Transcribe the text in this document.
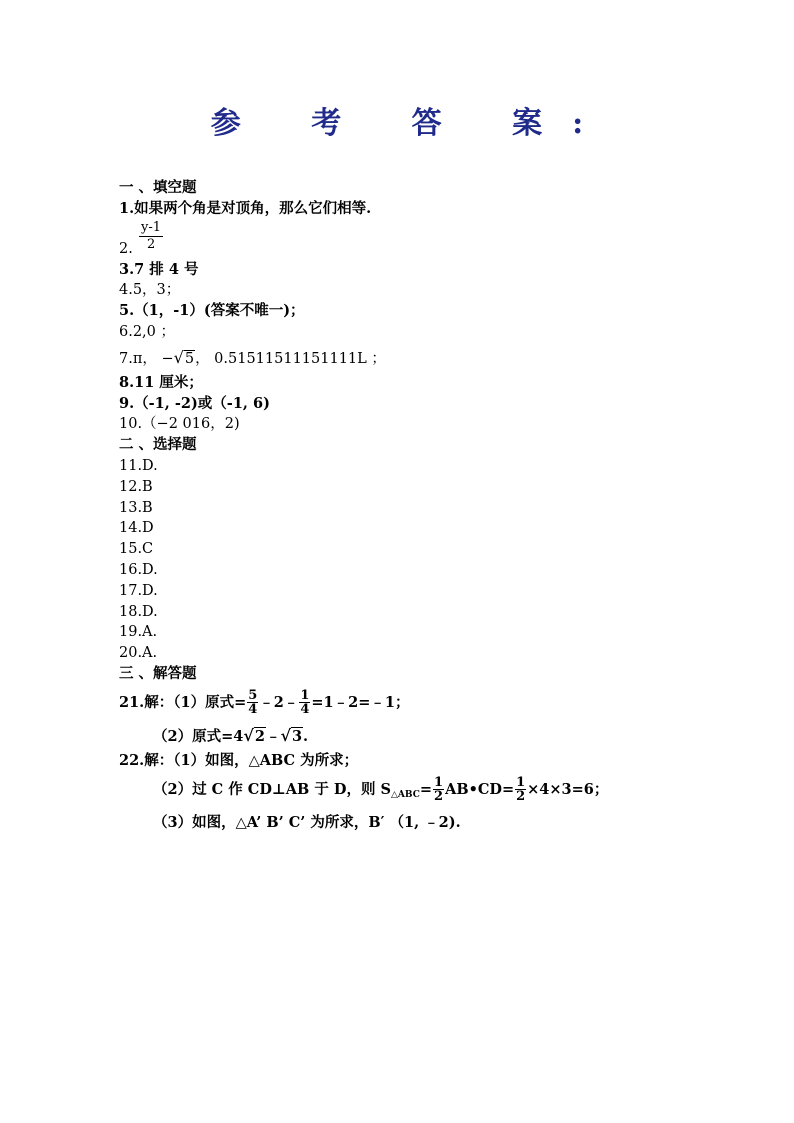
参 考 答 案:
一 、填空题
1.如果两个角是对顶角，那么它们相等.
2.
y-1
2
3.7 排 4 号
4.5，3；
5.（1，-1）(答案不唯一)；
6.2,0 ；
7.π， −√5， 0.51511511151111L ；
8.11 厘米；
9.（-1, -2)或（-1, 6)
10.（−2 016，2)
二 、选择题
11.D.
12.B
13.B
14.D
15.C
16.D.
17.D.
18.D.
19.A.
20.A.
三 、解答题
21.解：（1）原式= $\frac{5}{4}$ ﹣2﹣ $\frac{1}{4}$ =1﹣2=﹣1；
（2）原式=4√2﹣√3.
22.解：（1）如图，△ABC 为所求；
（2）过 C 作 CD⊥AB 于 D，则 $S_{\triangle ABC}= \frac{1}{2}$ AB•CD= $\frac{1}{2} \times 4\times 3=6$；
（3）如图，△A’ B’ C’ 为所求，B′ （1, ﹣2).
